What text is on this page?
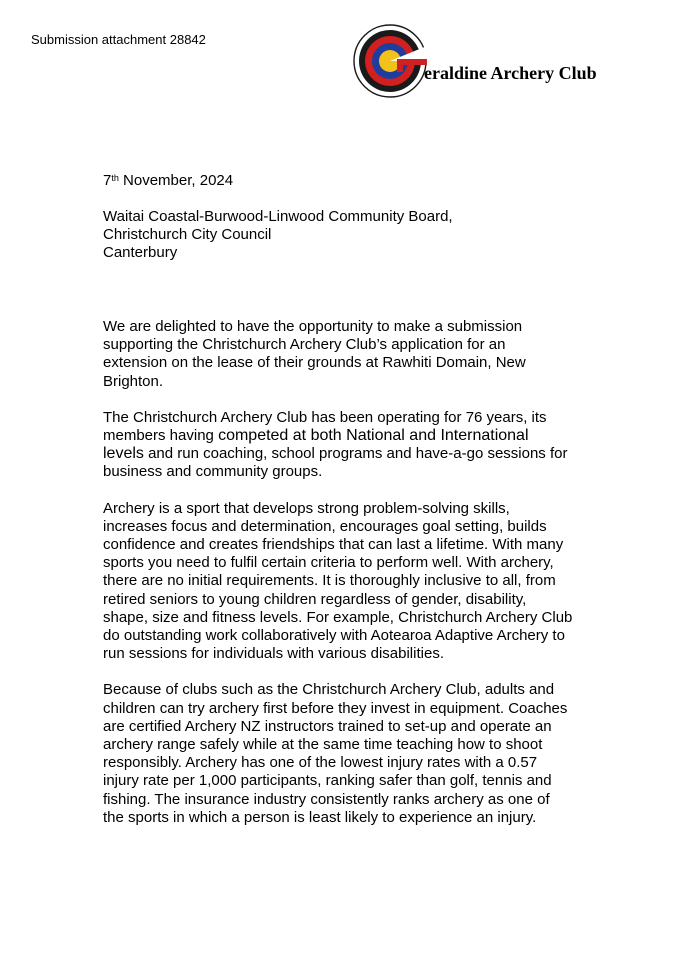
Submission attachment 28842
eraldine Archery Club
7th November, 2024
Waitai Coastal-Burwood-Linwood Community Board,
Christchurch City Council
Canterbury

We are delighted to have the opportunity to make a submission supporting the Christchurch Archery Club’s application for an extension on the lease of their grounds at Rawhiti Domain, New Brighton.

The Christchurch Archery Club has been operating for 76 years, its members having competed at both National and International levels and run coaching, school programs and have-a-go sessions for business and community groups.

Archery is a sport that develops strong problem-solving skills, increases focus and determination, encourages goal setting, builds confidence and creates friendships that can last a lifetime. With many sports you need to fulfil certain criteria to perform well. With archery, there are no initial requirements. It is thoroughly inclusive to all, from retired seniors to young children regardless of gender, disability, shape, size and fitness levels. For example, Christchurch Archery Club do outstanding work collaboratively with Aotearoa Adaptive Archery to run sessions for individuals with various disabilities.

Because of clubs such as the Christchurch Archery Club, adults and children can try archery first before they invest in equipment. Coaches are certified Archery NZ instructors trained to set-up and operate an archery range safely while at the same time teaching how to shoot responsibly. Archery has one of the lowest injury rates with a 0.57 injury rate per 1,000 participants, ranking safer than golf, tennis and fishing. The insurance industry consistently ranks archery as one of the sports in which a person is least likely to experience an injury.
